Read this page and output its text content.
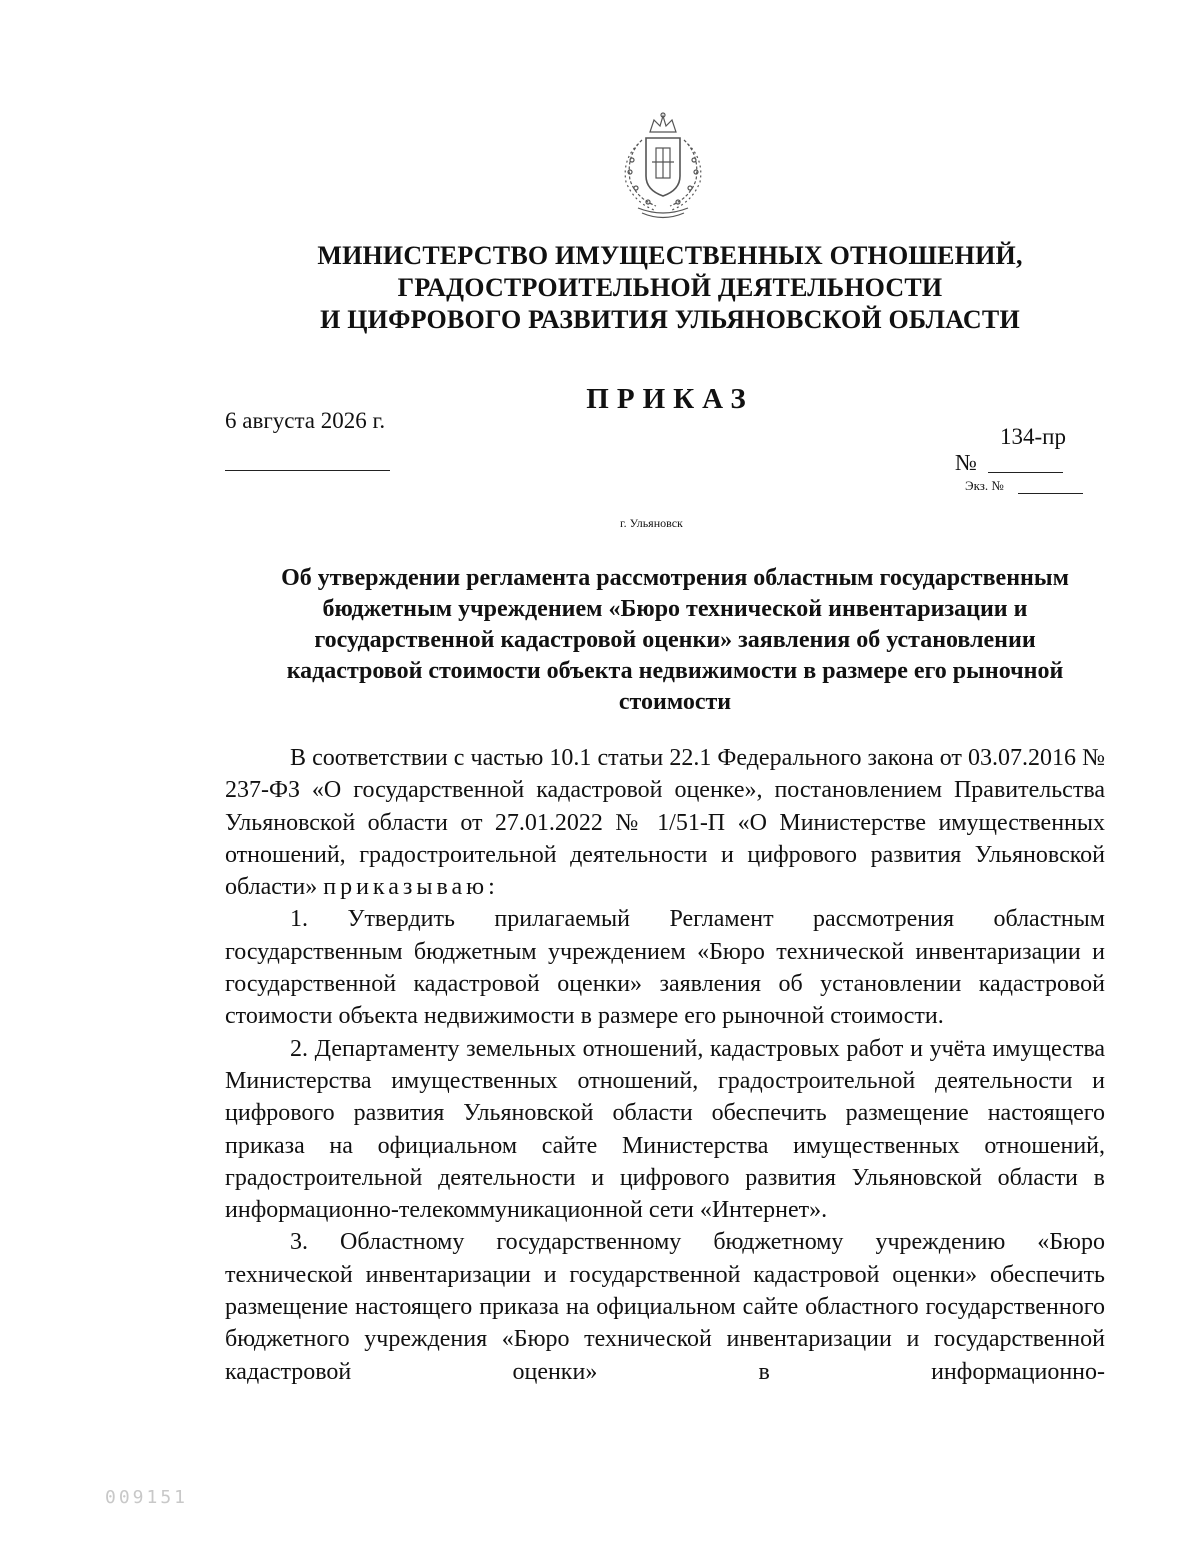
МИНИСТЕРСТВО ИМУЩЕСТВЕННЫХ ОТНОШЕНИЙ,
ГРАДОСТРОИТЕЛЬНОЙ ДЕЯТЕЛЬНОСТИ
И ЦИФРОВОГО РАЗВИТИЯ УЛЬЯНОВСКОЙ ОБЛАСТИ
ПРИКАЗ
6 августа 2026 г.
134-пр
№
Экз. №
г. Ульяновск
Об утверждении регламента рассмотрения областным государственным
бюджетным учреждением «Бюро технической инвентаризации и
государственной кадастровой оценки» заявления об установлении
кадастровой стоимости объекта недвижимости в размере его рыночной
стоимости

В соответствии с частью 10.1 статьи 22.1 Федерального закона от 03.07.2016 № 237-ФЗ «О государственной кадастровой оценке», постановлением Правительства Ульяновской области от 27.01.2022 № 1/51-П «О Министерстве имущественных отношений, градостроительной деятельности и цифрового развития Ульяновской области» приказываю:

1. Утвердить прилагаемый Регламент рассмотрения областным государственным бюджетным учреждением «Бюро технической инвентаризации и государственной кадастровой оценки» заявления об установлении кадастровой стоимости объекта недвижимости в размере его рыночной стоимости.

2. Департаменту земельных отношений, кадастровых работ и учёта имущества Министерства имущественных отношений, градостроительной деятельности и цифрового развития Ульяновской области обеспечить размещение настоящего приказа на официальном сайте Министерства имущественных отношений, градостроительной деятельности и цифрового развития Ульяновской области в информационно-телекоммуникационной сети «Интернет».

3. Областному государственному бюджетному учреждению «Бюро технической инвентаризации и государственной кадастровой оценки» обеспечить размещение настоящего приказа на официальном сайте областного государственного бюджетного учреждения «Бюро технической инвентаризации и государственной кадастровой оценки» в информационно-

009151
